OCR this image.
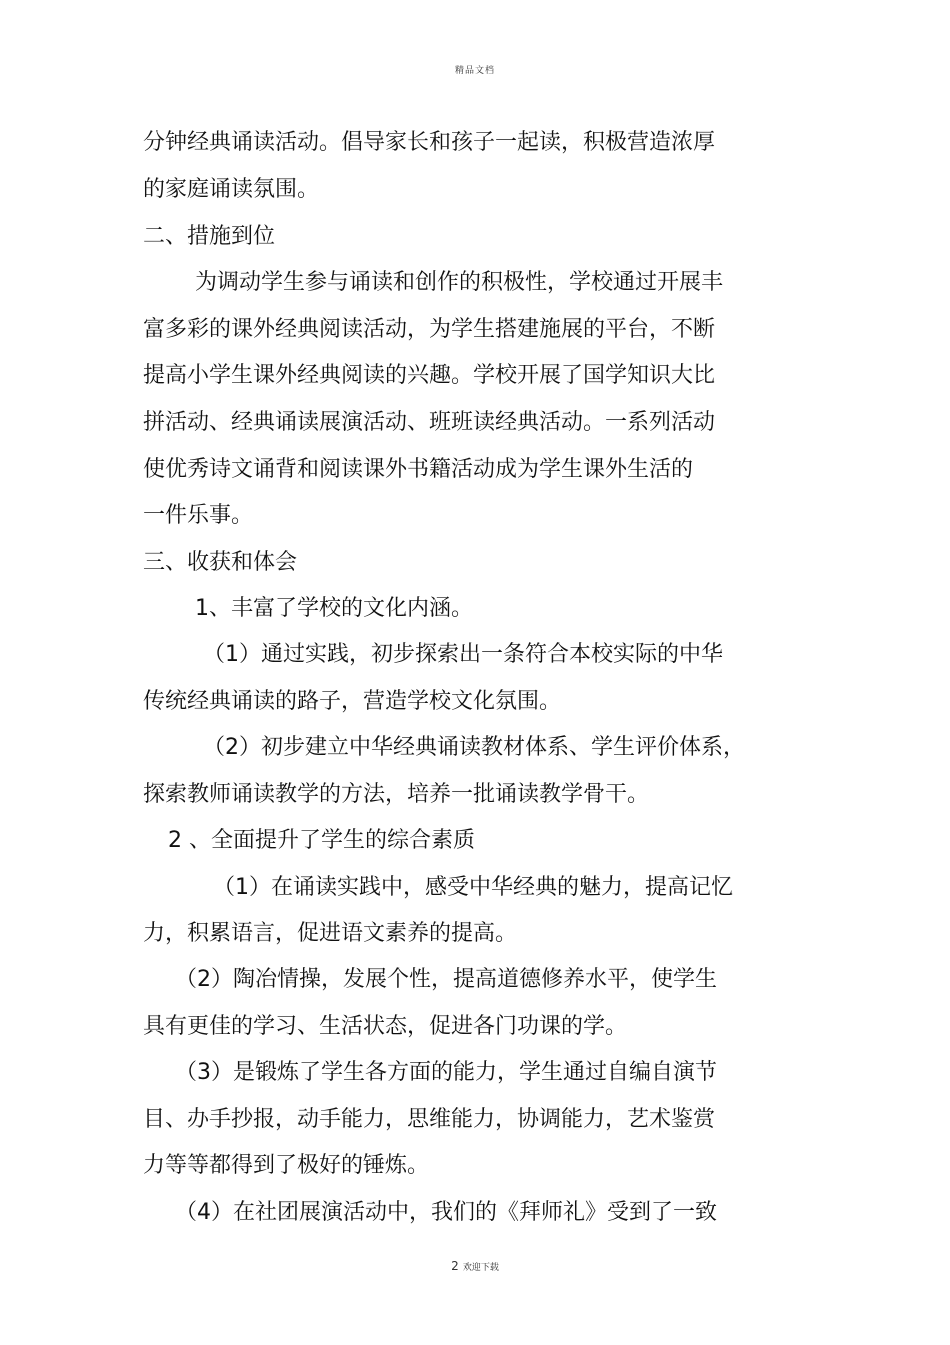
精品文档
分钟经典诵读活动。倡导家长和孩子一起读，积极营造浓厚
的家庭诵读氛围。
二、措施到位
为调动学生参与诵读和创作的积极性，学校通过开展丰
富多彩的课外经典阅读活动，为学生搭建施展的平台，不断
提高小学生课外经典阅读的兴趣。学校开展了国学知识大比
拼活动、经典诵读展演活动、班班读经典活动。一系列活动
使优秀诗文诵背和阅读课外书籍活动成为学生课外生活的
一件乐事。
三、收获和体会
1、丰富了学校的文化内涵。
（1）通过实践，初步探索出一条符合本校实际的中华
传统经典诵读的路子，营造学校文化氛围。
（2）初步建立中华经典诵读教材体系、学生评价体系，
探索教师诵读教学的方法，培养一批诵读教学骨干。
2 、全面提升了学生的综合素质
（1）在诵读实践中，感受中华经典的魅力，提高记忆
力，积累语言，促进语文素养的提高。
（2）陶冶情操，发展个性，提高道德修养水平，使学生
具有更佳的学习、生活状态，促进各门功课的学。
（3）是锻炼了学生各方面的能力，学生通过自编自演节
目、办手抄报，动手能力，思维能力，协调能力，艺术鉴赏
力等等都得到了极好的锤炼。
（4）在社团展演活动中，我们的《拜师礼》受到了一致
2 欢迎下载
